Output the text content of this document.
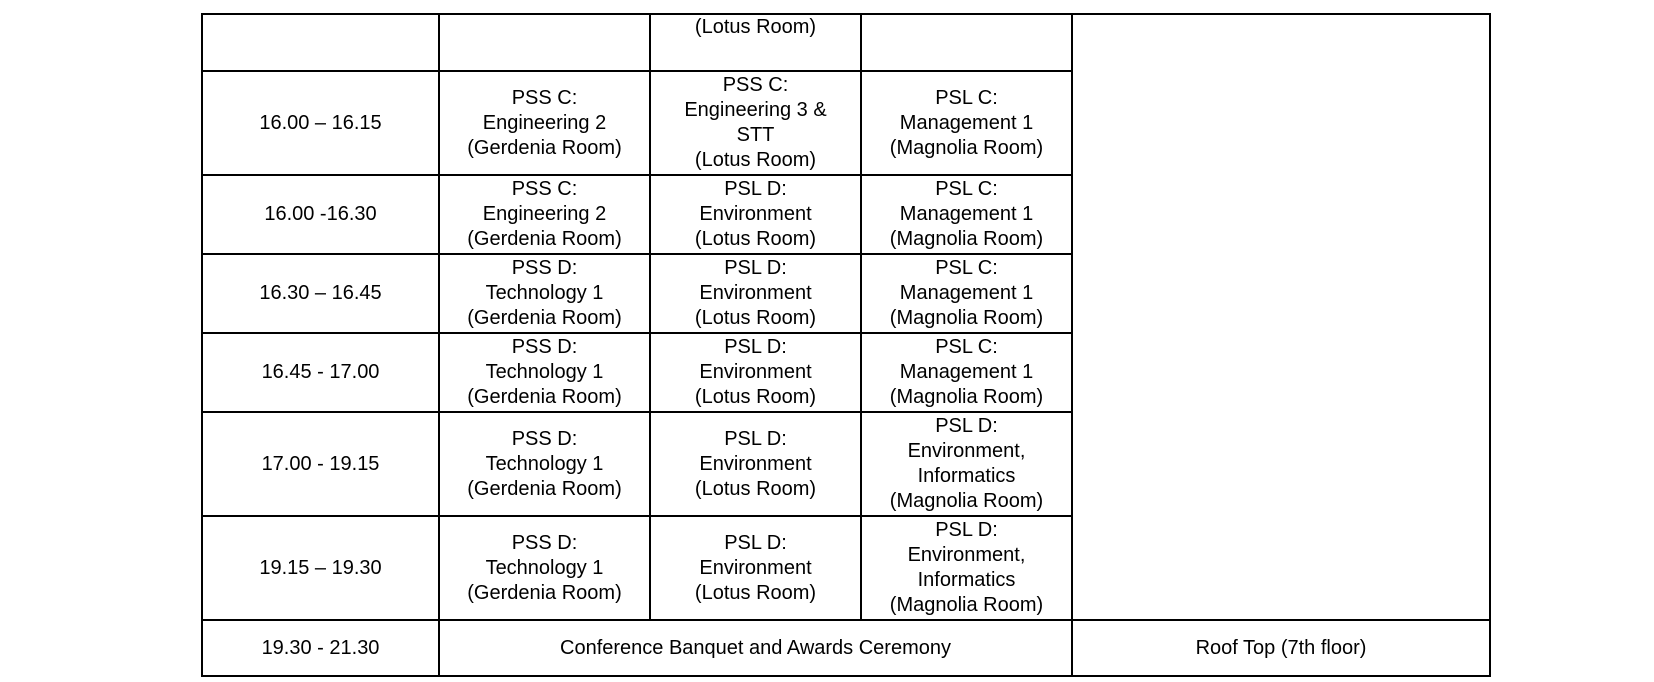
		(Lotus Room)		

16.00 – 16.15	PSS C:
Engineering 2
(Gerdenia Room)	PSS C:
Engineering 3 &
STT
(Lotus Room)	PSL C:
Management 1
(Magnolia Room)	

16.00 -16.30	PSS C:
Engineering 2
(Gerdenia Room)	PSL D:
Environment
(Lotus Room)	PSL C:
Management 1
(Magnolia Room)	

16.30 – 16.45	PSS D:
Technology 1
(Gerdenia Room)	PSL D:
Environment
(Lotus Room)	PSL C:
Management 1
(Magnolia Room)	

16.45 - 17.00	PSS D:
Technology 1
(Gerdenia Room)	PSL D:
Environment
(Lotus Room)	PSL C:
Management 1
(Magnolia Room)	

17.00 - 19.15	PSS D:
Technology 1
(Gerdenia Room)	PSL D:
Environment
(Lotus Room)	PSL D:
Environment,
Informatics
(Magnolia Room)	

19.15 – 19.30	PSS D:
Technology 1
(Gerdenia Room)	PSL D:
Environment
(Lotus Room)	PSL D:
Environment,
Informatics
(Magnolia Room)	

19.30 - 21.30	Conference Banquet and Awards Ceremony			Roof Top (7th floor)
